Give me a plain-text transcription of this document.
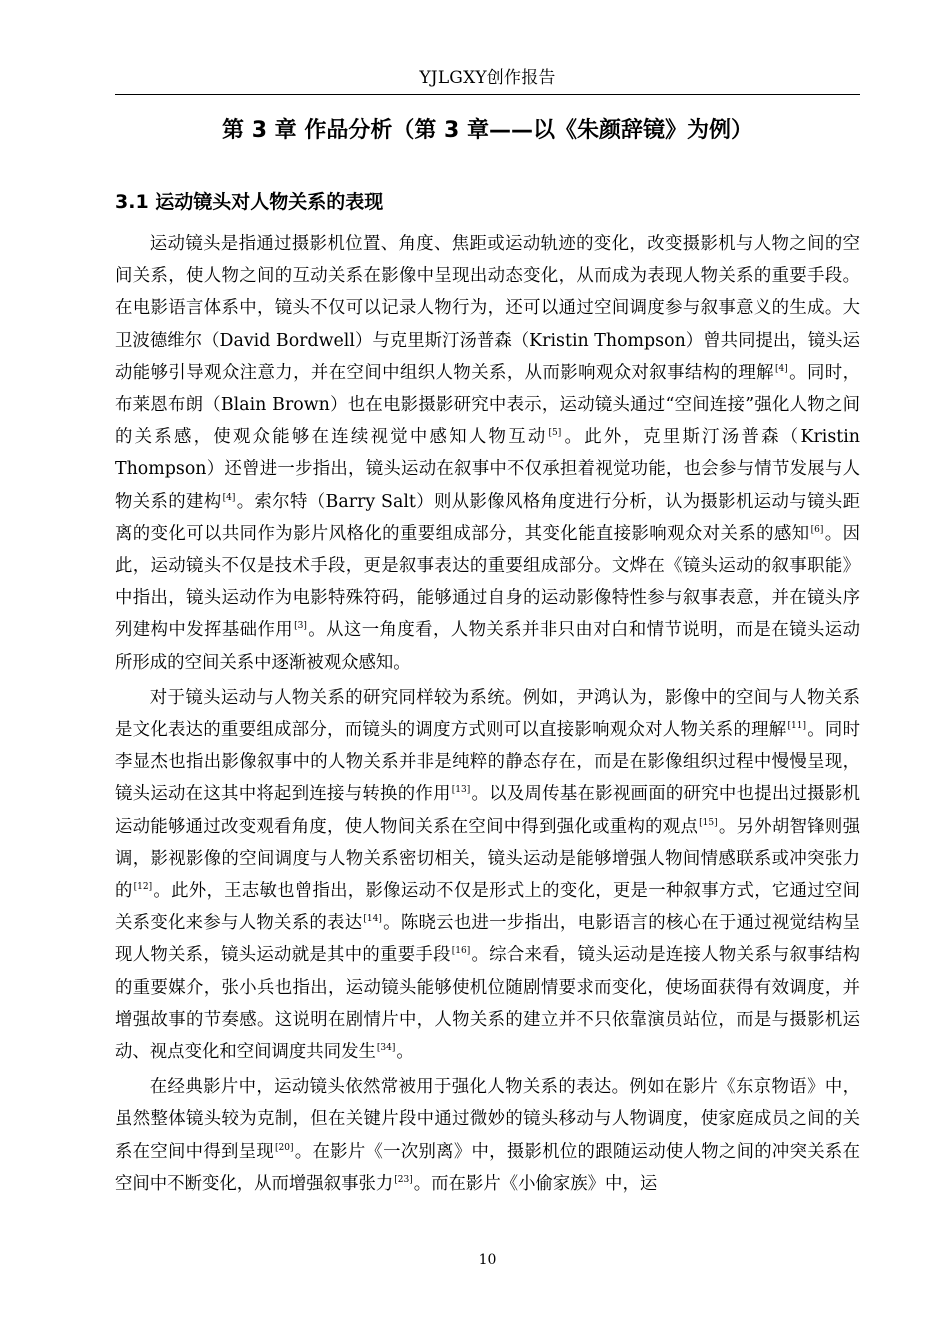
YJLGXY创作报告
第 3 章 作品分析（第 3 章——以《朱颜辞镜》为例）
3.1 运动镜头对人物关系的表现

运动镜头是指通过摄影机位置、角度、焦距或运动轨迹的变化，改变摄影机与人物之间的空间关系，使人物之间的互动关系在影像中呈现出动态变化，从而成为表现人物关系的重要手段。在电影语言体系中，镜头不仅可以记录人物行为，还可以通过空间调度参与叙事意义的生成。大卫波德维尔（David Bordwell）与克里斯汀汤普森（Kristin Thompson）曾共同提出，镜头运动能够引导观众注意力，并在空间中组织人物关系，从而影响观众对叙事结构的理解[4]。同时，布莱恩布朗（Blain Brown）也在电影摄影研究中表示，运动镜头通过“空间连接”强化人物之间的关系感，使观众能够在连续视觉中感知人物互动[5]。此外，克里斯汀汤普森（Kristin Thompson）还曾进一步指出，镜头运动在叙事中不仅承担着视觉功能，也会参与情节发展与人物关系的建构[4]。索尔特（Barry Salt）则从影像风格角度进行分析，认为摄影机运动与镜头距离的变化可以共同作为影片风格化的重要组成部分，其变化能直接影响观众对关系的感知[6]。因此，运动镜头不仅是技术手段，更是叙事表达的重要组成部分。文烨在《镜头运动的叙事职能》中指出，镜头运动作为电影特殊符码，能够通过自身的运动影像特性参与叙事表意，并在镜头序列建构中发挥基础作用[3]。从这一角度看，人物关系并非只由对白和情节说明，而是在镜头运动所形成的空间关系中逐渐被观众感知。

对于镜头运动与人物关系的研究同样较为系统。例如，尹鸿认为，影像中的空间与人物关系是文化表达的重要组成部分，而镜头的调度方式则可以直接影响观众对人物关系的理解[11]。同时李显杰也指出影像叙事中的人物关系并非是纯粹的静态存在，而是在影像组织过程中慢慢呈现，镜头运动在这其中将起到连接与转换的作用[13]。以及周传基在影视画面的研究中也提出过摄影机运动能够通过改变观看角度，使人物间关系在空间中得到强化或重构的观点[15]。另外胡智锋则强调，影视影像的空间调度与人物关系密切相关，镜头运动是能够增强人物间情感联系或冲突张力的[12]。此外，王志敏也曾指出，影像运动不仅是形式上的变化，更是一种叙事方式，它通过空间关系变化来参与人物关系的表达[14]。陈晓云也进一步指出，电影语言的核心在于通过视觉结构呈现人物关系，镜头运动就是其中的重要手段[16]。综合来看，镜头运动是连接人物关系与叙事结构的重要媒介，张小兵也指出，运动镜头能够使机位随剧情要求而变化，使场面获得有效调度，并增强故事的节奏感。这说明在剧情片中，人物关系的建立并不只依靠演员站位，而是与摄影机运动、视点变化和空间调度共同发生[34]。

在经典影片中，运动镜头依然常被用于强化人物关系的表达。例如在影片《东京物语》中，虽然整体镜头较为克制，但在关键片段中通过微妙的镜头移动与人物调度，使家庭成员之间的关系在空间中得到呈现[20]。在影片《一次别离》中，摄影机位的跟随运动使人物之间的冲突关系在空间中不断变化，从而增强叙事张力[23]。而在影片《小偷家族》中，运

10
